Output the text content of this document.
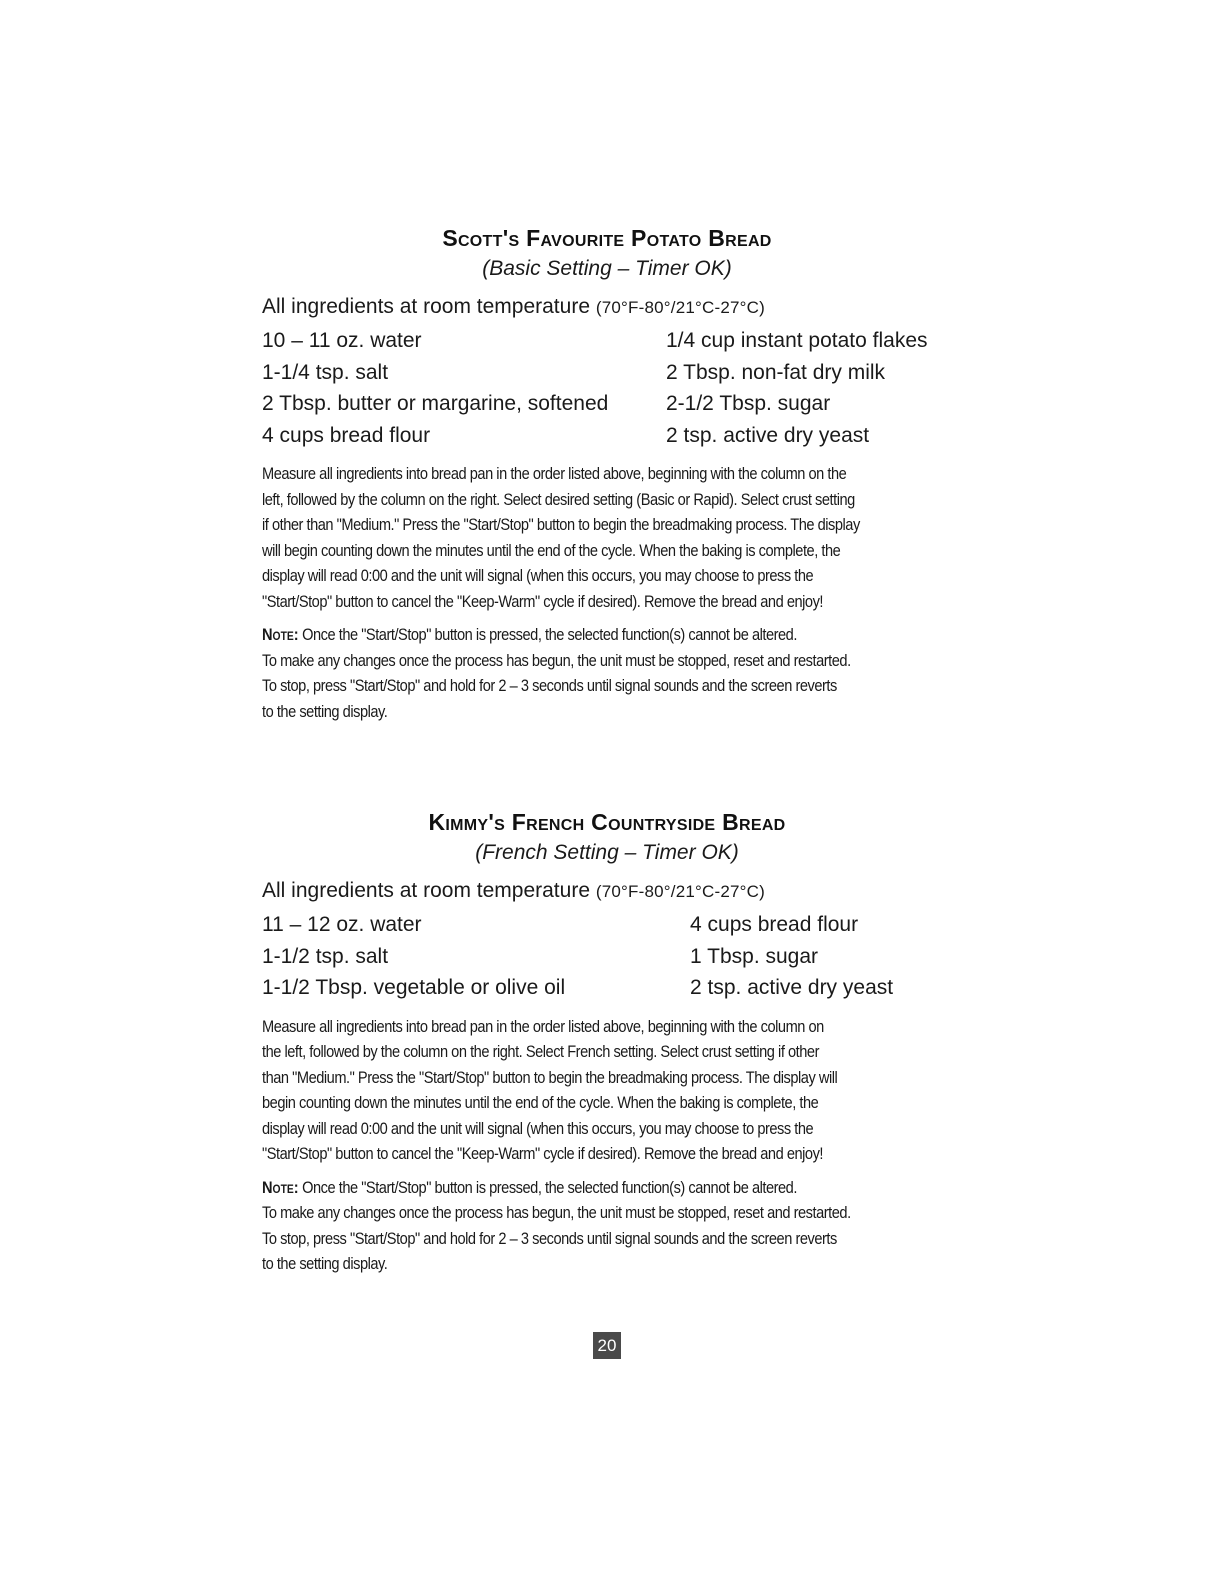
Scott's Favourite Potato Bread

(Basic Setting – Timer OK)

All ingredients at room temperature (70°F-80°/21°C-27°C)

10 – 11 oz. water	1/4 cup instant potato flakes
1-1/4 tsp. salt	2 Tbsp. non-fat dry milk
2 Tbsp. butter or margarine, softened	2-1/2 Tbsp. sugar
4 cups bread flour	2 tsp. active dry yeast
Measure all ingredients into bread pan in the order listed above, beginning with the column on the
left, followed by the column on the right. Select desired setting (Basic or Rapid). Select crust setting
if other than "Medium." Press the "Start/Stop" button to begin the breadmaking process. The display
will begin counting down the minutes until the end of the cycle. When the baking is complete, the
display will read 0:00 and the unit will signal (when this occurs, you may choose to press the
"Start/Stop" button to cancel the "Keep-Warm" cycle if desired). Remove the bread and enjoy!
Note: Once the "Start/Stop" button is pressed, the selected function(s) cannot be altered.
To make any changes once the process has begun, the unit must be stopped, reset and restarted.
To stop, press "Start/Stop" and hold for 2 – 3 seconds until signal sounds and the screen reverts
to the setting display.
Kimmy's French Countryside Bread

(French Setting – Timer OK)

All ingredients at room temperature (70°F-80°/21°C-27°C)

11 – 12 oz. water	4 cups bread flour
1-1/2 tsp. salt	1 Tbsp. sugar
1-1/2 Tbsp. vegetable or olive oil	2 tsp. active dry yeast
Measure all ingredients into bread pan in the order listed above, beginning with the column on
the left, followed by the column on the right. Select French setting. Select crust setting if other
than "Medium." Press the "Start/Stop" button to begin the breadmaking process. The display will
begin counting down the minutes until the end of the cycle. When the baking is complete, the
display will read 0:00 and the unit will signal (when this occurs, you may choose to press the
"Start/Stop" button to cancel the "Keep-Warm" cycle if desired). Remove the bread and enjoy!
Note: Once the "Start/Stop" button is pressed, the selected function(s) cannot be altered.
To make any changes once the process has begun, the unit must be stopped, reset and restarted.
To stop, press "Start/Stop" and hold for 2 – 3 seconds until signal sounds and the screen reverts
to the setting display.
20
